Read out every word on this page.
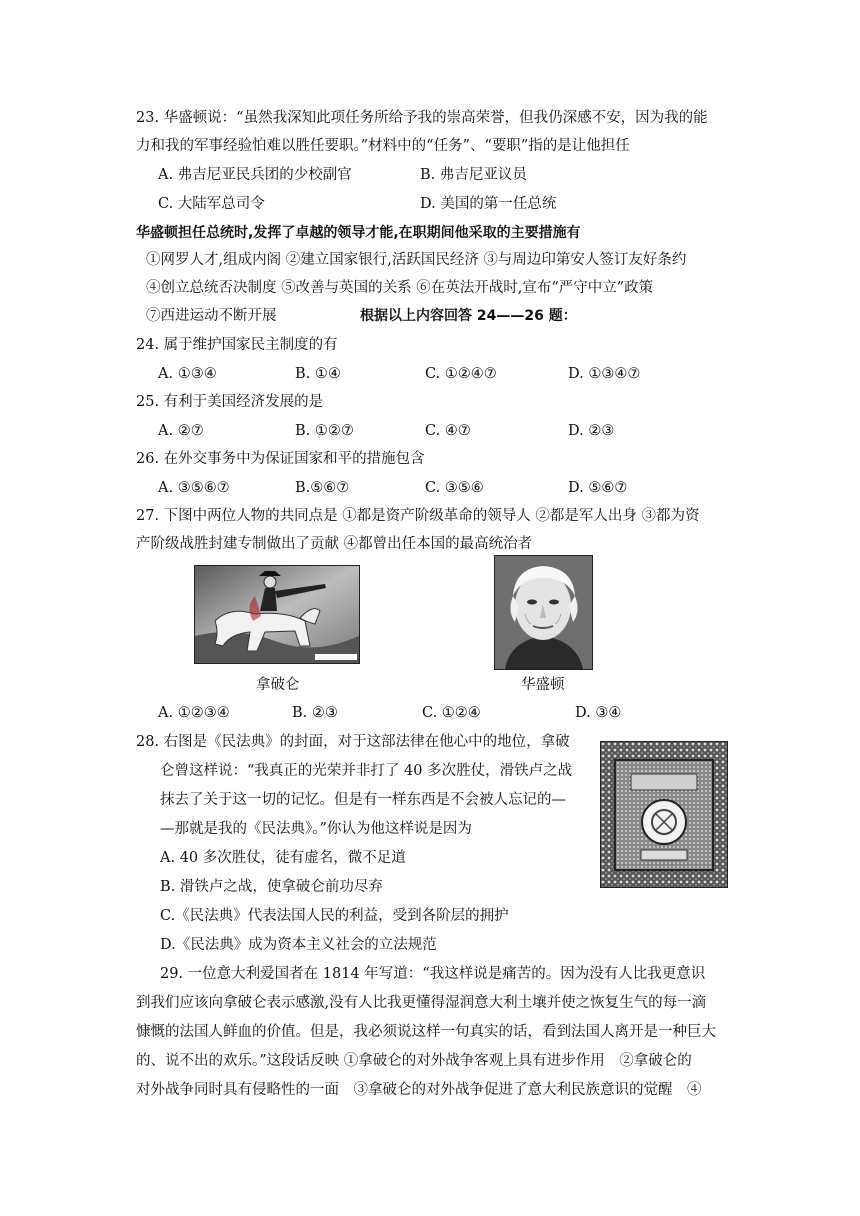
23. 华盛顿说：“虽然我深知此项任务所给予我的崇高荣誉，但我仍深感不安，因为我的能
力和我的军事经验怕难以胜任要职。”材料中的“任务”、“要职”指的是让他担任
A. 弗吉尼亚民兵团的少校副官	B. 弗吉尼亚议员
C. 大陆军总司令	D. 美国的第一任总统
华盛顿担任总统时,发挥了卓越的领导才能,在职期间他采取的主要措施有
①网罗人才,组成内阁 ②建立国家银行,活跃国民经济 ③与周边印第安人签订友好条约
④创立总统否决制度 ⑤改善与英国的关系 ⑥在英法开战时,宣布“严守中立”政策
⑦西进运动不断开展	根据以上内容回答 24——26 题：
24. 属于维护国家民主制度的有
A. ①③④	B. ①④	C. ①②④⑦	D. ①③④⑦
25. 有利于美国经济发展的是
A. ②⑦	B. ①②⑦	C. ④⑦	D. ②③
26. 在外交事务中为保证国家和平的措施包含
A. ③⑤⑥⑦	B.⑤⑥⑦	C. ③⑤⑥	D. ⑤⑥⑦
27. 下图中两位人物的共同点是 ①都是资产阶级革命的领导人 ②都是军人出身 ③都为资
产阶级战胜封建专制做出了贡献 ④都曾出任本国的最高统治者
拿破仑	华盛顿
A. ①②③④	B. ②③	C. ①②④	D. ③④
28. 右图是《民法典》的封面，对于这部法律在他心中的地位，拿破
仑曾这样说：“我真正的光荣并非打了 40 多次胜仗，滑铁卢之战
抹去了关于这一切的记忆。但是有一样东西是不会被人忘记的—
—那就是我的《民法典》。”你认为他这样说是因为
A. 40 多次胜仗，徒有虚名，微不足道
B. 滑铁卢之战，使拿破仑前功尽弃
C.《民法典》代表法国人民的利益，受到各阶层的拥护
D.《民法典》成为资本主义社会的立法规范
29. 一位意大利爱国者在 1814 年写道：“我这样说是痛苦的。因为没有人比我更意识
到我们应该向拿破仑表示感激,没有人比我更懂得湿润意大利土壤并使之恢复生气的每一滴
慷慨的法国人鲜血的价值。但是，我必须说这样一句真实的话，看到法国人离开是一种巨大
的、说不出的欢乐。”这段话反映 ①拿破仑的对外战争客观上具有进步作用　②拿破仑的
对外战争同时具有侵略性的一面　③拿破仑的对外战争促进了意大利民族意识的觉醒　④
